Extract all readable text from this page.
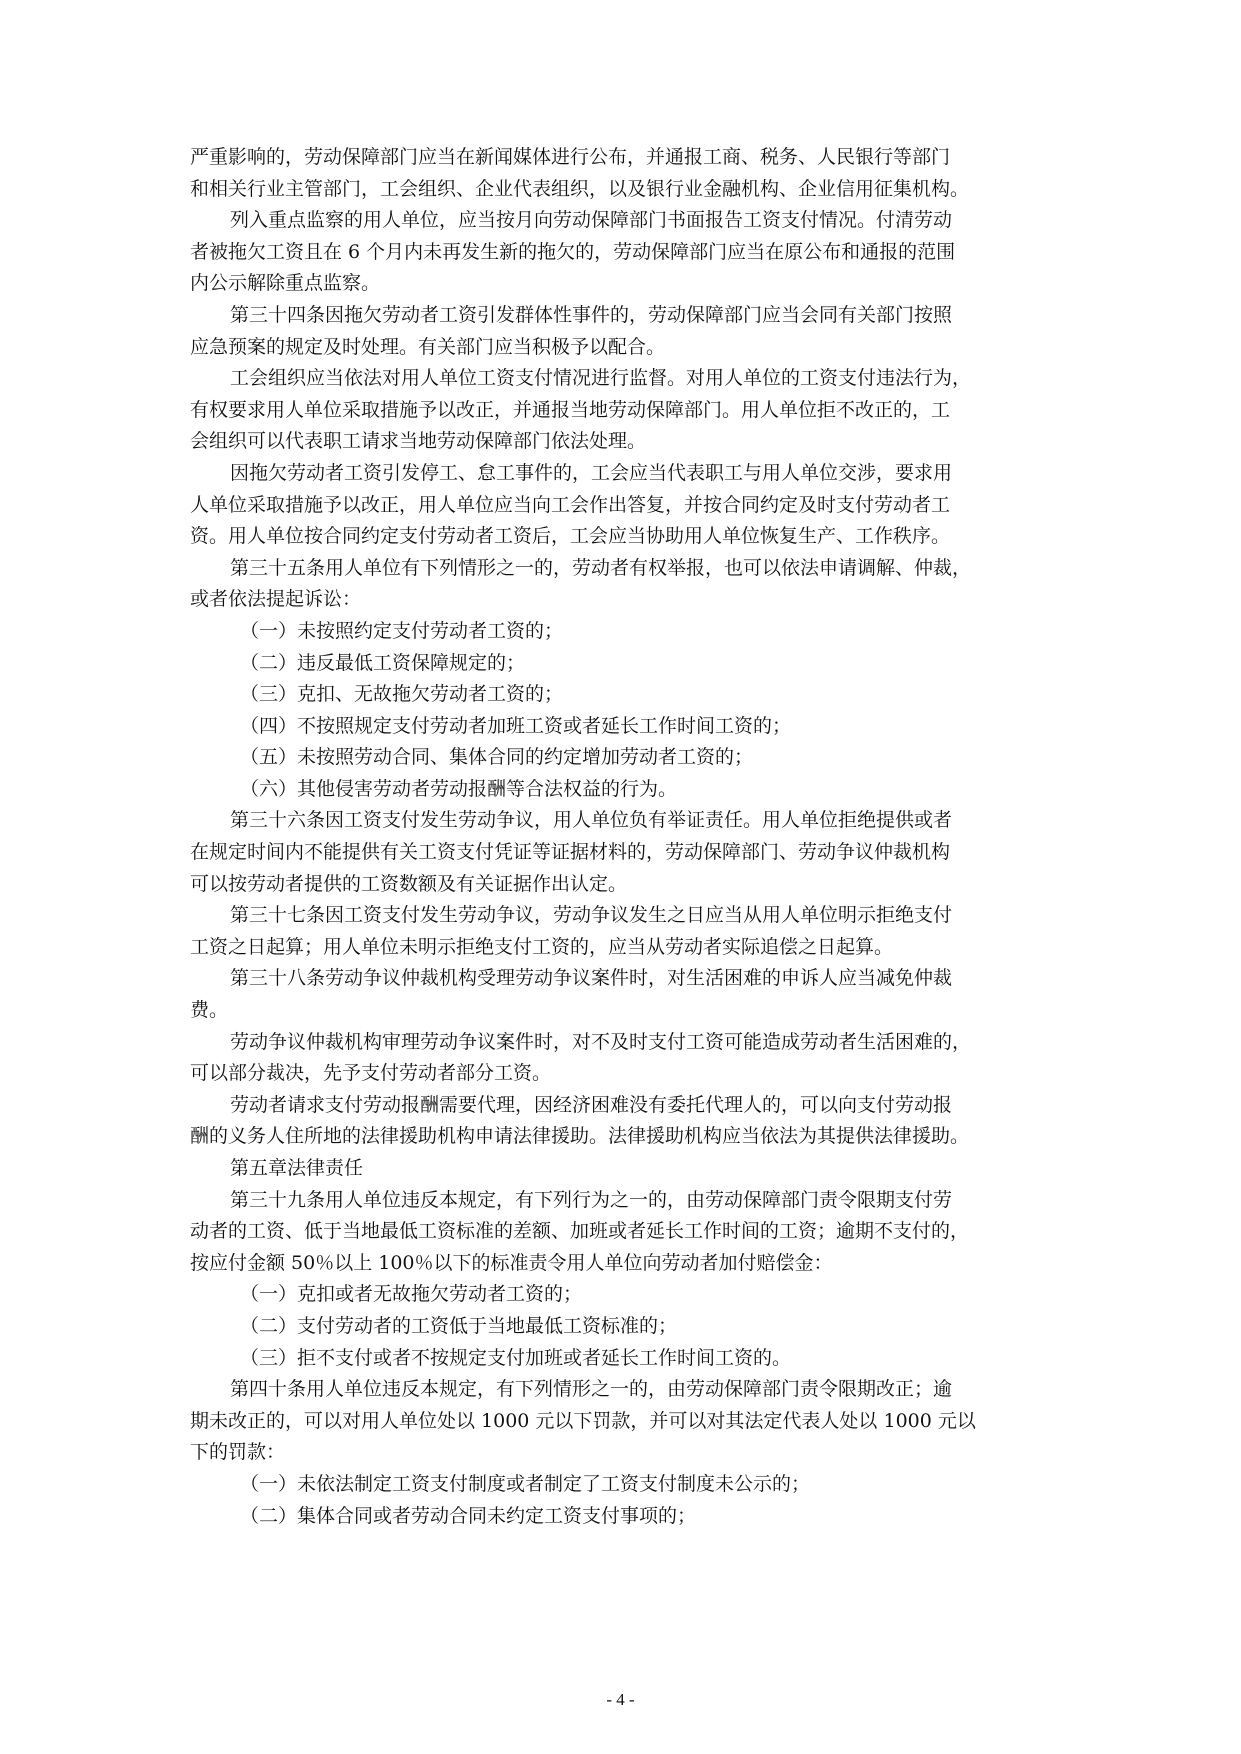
严重影响的，劳动保障部门应当在新闻媒体进行公布，并通报工商、税务、人民银行等部门
和相关行业主管部门，工会组织、企业代表组织，以及银行业金融机构、企业信用征集机构。
列入重点监察的用人单位，应当按月向劳动保障部门书面报告工资支付情况。付清劳动
者被拖欠工资且在 6 个月内未再发生新的拖欠的，劳动保障部门应当在原公布和通报的范围
内公示解除重点监察。
第三十四条因拖欠劳动者工资引发群体性事件的，劳动保障部门应当会同有关部门按照
应急预案的规定及时处理。有关部门应当积极予以配合。
工会组织应当依法对用人单位工资支付情况进行监督。对用人单位的工资支付违法行为，
有权要求用人单位采取措施予以改正，并通报当地劳动保障部门。用人单位拒不改正的，工
会组织可以代表职工请求当地劳动保障部门依法处理。
因拖欠劳动者工资引发停工、怠工事件的，工会应当代表职工与用人单位交涉，要求用
人单位采取措施予以改正，用人单位应当向工会作出答复，并按合同约定及时支付劳动者工
资。用人单位按合同约定支付劳动者工资后，工会应当协助用人单位恢复生产、工作秩序。
第三十五条用人单位有下列情形之一的，劳动者有权举报，也可以依法申请调解、仲裁，
或者依法提起诉讼：
（一）未按照约定支付劳动者工资的；
（二）违反最低工资保障规定的；
（三）克扣、无故拖欠劳动者工资的；
（四）不按照规定支付劳动者加班工资或者延长工作时间工资的；
（五）未按照劳动合同、集体合同的约定增加劳动者工资的；
（六）其他侵害劳动者劳动报酬等合法权益的行为。
第三十六条因工资支付发生劳动争议，用人单位负有举证责任。用人单位拒绝提供或者
在规定时间内不能提供有关工资支付凭证等证据材料的，劳动保障部门、劳动争议仲裁机构
可以按劳动者提供的工资数额及有关证据作出认定。
第三十七条因工资支付发生劳动争议，劳动争议发生之日应当从用人单位明示拒绝支付
工资之日起算；用人单位未明示拒绝支付工资的，应当从劳动者实际追偿之日起算。
第三十八条劳动争议仲裁机构受理劳动争议案件时，对生活困难的申诉人应当减免仲裁
费。
劳动争议仲裁机构审理劳动争议案件时，对不及时支付工资可能造成劳动者生活困难的，
可以部分裁决，先予支付劳动者部分工资。
劳动者请求支付劳动报酬需要代理，因经济困难没有委托代理人的，可以向支付劳动报
酬的义务人住所地的法律援助机构申请法律援助。法律援助机构应当依法为其提供法律援助。
第五章法律责任
第三十九条用人单位违反本规定，有下列行为之一的，由劳动保障部门责令限期支付劳
动者的工资、低于当地最低工资标准的差额、加班或者延长工作时间的工资；逾期不支付的，
按应付金额 50％以上 100％以下的标准责令用人单位向劳动者加付赔偿金：
（一）克扣或者无故拖欠劳动者工资的；
（二）支付劳动者的工资低于当地最低工资标准的；
（三）拒不支付或者不按规定支付加班或者延长工作时间工资的。
第四十条用人单位违反本规定，有下列情形之一的，由劳动保障部门责令限期改正；逾
期未改正的，可以对用人单位处以 1000 元以下罚款，并可以对其法定代表人处以 1000 元以
下的罚款：
（一）未依法制定工资支付制度或者制定了工资支付制度未公示的；
（二）集体合同或者劳动合同未约定工资支付事项的；
- 4 -
